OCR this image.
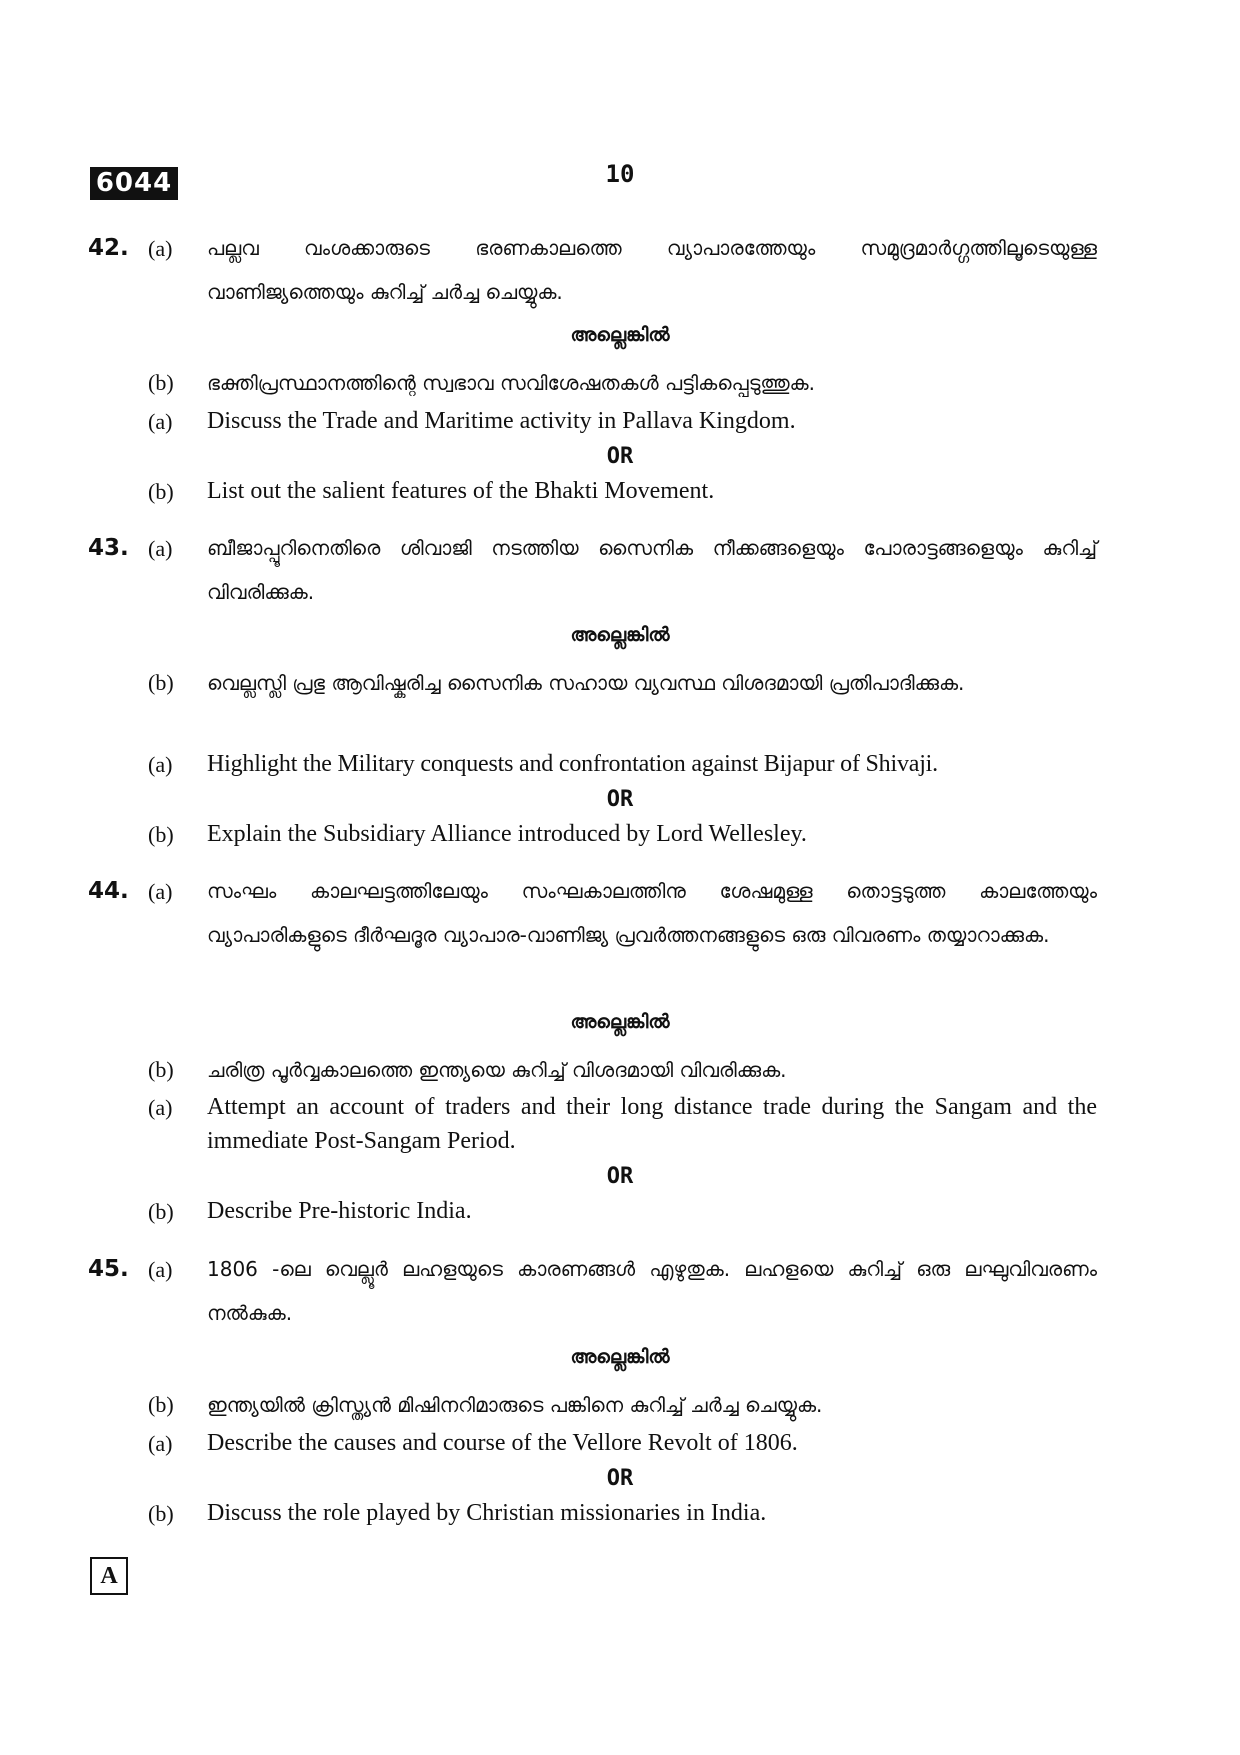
6044	10
42. (a) പല്ലവ വംശക്കാരുടെ ഭരണകാലത്തെ വ്യാപാരത്തേയും സമുദ്രമാർഗ്ഗത്തിലൂടെയുള്ള വാണിജ്യത്തെയും കുറിച്ച് ചർച്ച ചെയ്യുക.
അല്ലെങ്കിൽ
(b) ഭക്തിപ്രസ്ഥാനത്തിന്റെ സ്വഭാവ സവിശേഷതകൾ പട്ടികപ്പെടുത്തുക.
(a) Discuss the Trade and Maritime activity in Pallava Kingdom.
OR
(b) List out the salient features of the Bhakti Movement.
43. (a) ബീജാപ്പൂറിനെതിരെ ശിവാജി നടത്തിയ സൈനിക നീക്കങ്ങളെയും പോരാട്ടങ്ങളെയും കുറിച്ച് വിവരിക്കുക.
അല്ലെങ്കിൽ
(b) വെല്ലസ്ലി പ്രഭു ആവിഷ്കരിച്ച സൈനിക സഹായ വ്യവസ്ഥ വിശദമായി പ്രതിപാദിക്കുക.
(a) Highlight the Military conquests and confrontation against Bijapur of Shivaji.
OR
(b) Explain the Subsidiary Alliance introduced by Lord Wellesley.
44. (a) സംഘം കാലഘട്ടത്തിലേയും സംഘകാലത്തിനു ശേഷമുള്ള തൊട്ടടുത്ത കാലത്തേയും വ്യാപാരികളുടെ ദീർഘദൂര വ്യാപാര-വാണിജ്യ പ്രവർത്തനങ്ങളുടെ ഒരു വിവരണം തയ്യാറാക്കുക.
അല്ലെങ്കിൽ
(b) ചരിത്ര പൂർവ്വകാലത്തെ ഇന്ത്യയെ കുറിച്ച് വിശദമായി വിവരിക്കുക.
(a) Attempt an account of traders and their long distance trade during the Sangam and the immediate Post-Sangam Period.
OR
(b) Describe Pre-historic India.
45. (a) 1806 -ലെ വെല്ലൂർ ലഹളയുടെ കാരണങ്ങൾ എഴുതുക. ലഹളയെ കുറിച്ച് ഒരു ലഘുവിവരണം നൽകുക.
അല്ലെങ്കിൽ
(b) ഇന്ത്യയിൽ ക്രിസ്ത്യൻ മിഷിനറിമാരുടെ പങ്കിനെ കുറിച്ച് ചർച്ച ചെയ്യുക.
(a) Describe the causes and course of the Vellore Revolt of 1806.
OR
(b) Discuss the role played by Christian missionaries in India.
A
